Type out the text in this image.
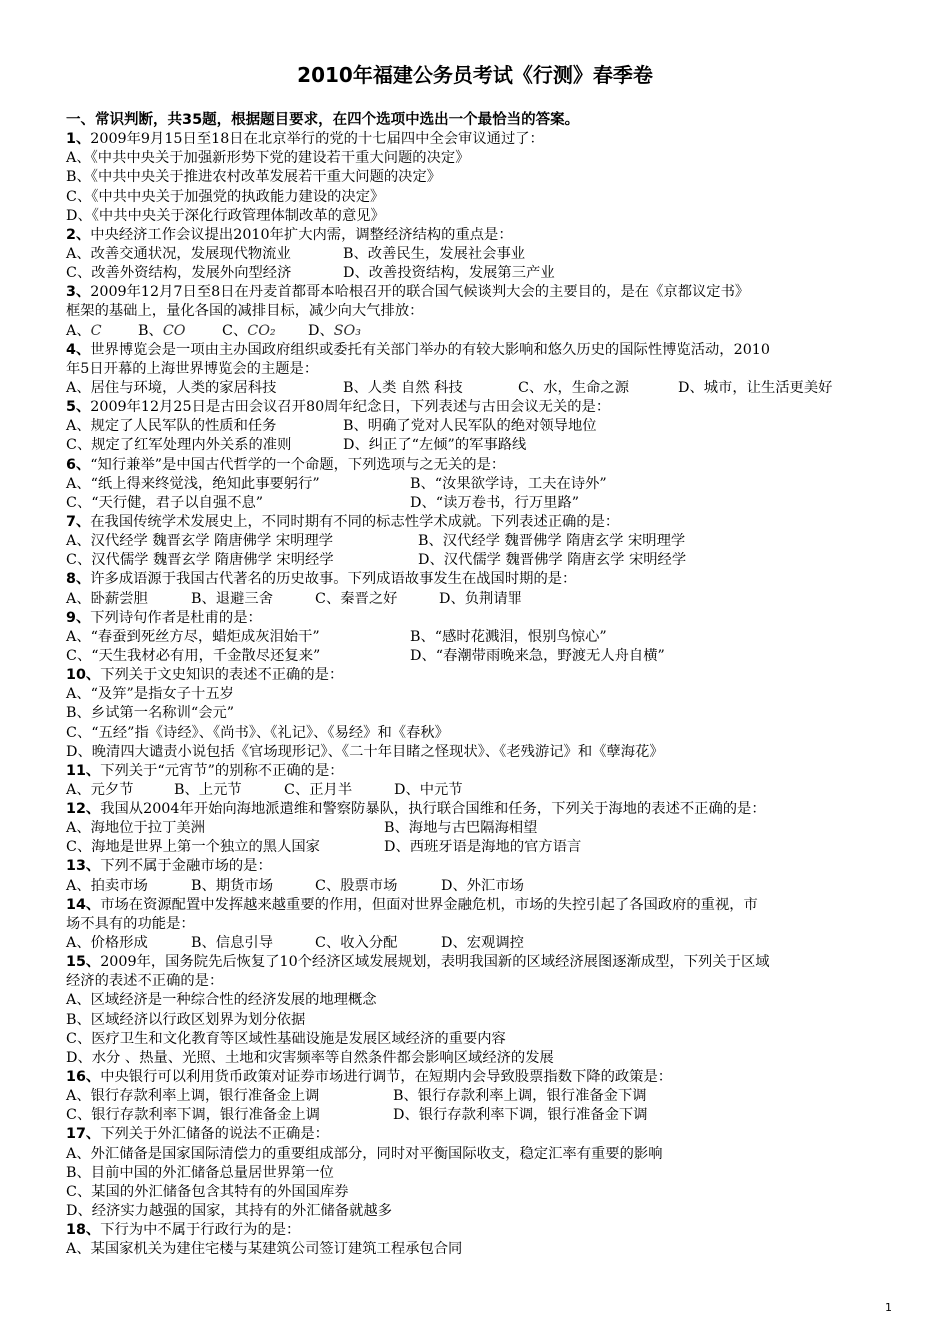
2010年福建公务员考试《行测》春季卷
一、常识判断，共35题，根据题目要求，在四个选项中选出一个最恰当的答案。
1、2009年9月15日至18日在北京举行的党的十七届四中全会审议通过了：
A、《中共中央关于加强新形势下党的建设若干重大问题的决定》
B、《中共中央关于推进农村改革发展若干重大问题的决定》
C、《中共中央关于加强党的执政能力建设的决定》
D、《中共中央关于深化行政管理体制改革的意见》
2、中央经济工作会议提出2010年扩大内需，调整经济结构的重点是：
A、改善交通状况，发展现代物流业	B、改善民生，发展社会事业
C、改善外资结构，发展外向型经济	D、改善投资结构，发展第三产业
3、2009年12月7日至8日在丹麦首都哥本哈根召开的联合国气候谈判大会的主要目的，是在《京都议定书》
框架的基础上，量化各国的减排目标，减少向大气排放：
A、C	B、CO	C、CO₂ D、SO₃
4、世界博览会是一项由主办国政府组织或委托有关部门举办的有较大影响和悠久历史的国际性博览活动，2010
年5日开幕的上海世界博览会的主题是：
A、居住与环境，人类的家居科技	B、人类 自然 科技	C、水，生命之源	D、城市，让生活更美好
5、2009年12月25日是古田会议召开80周年纪念日，下列表述与古田会议无关的是：
A、规定了人民军队的性质和任务	B、明确了党对人民军队的绝对领导地位
C、规定了红军处理内外关系的准则	D、纠正了“左倾”的军事路线
6、“知行兼举”是中国古代哲学的一个命题，下列选项与之无关的是：
A、“纸上得来终觉浅，绝知此事要躬行”	B、“汝果欲学诗，工夫在诗外”
C、“天行健，君子以自强不息”	D、“读万卷书，行万里路”
7、在我国传统学术发展史上，不同时期有不同的标志性学术成就。下列表述正确的是：
A、汉代经学 魏晋玄学 隋唐佛学 宋明理学	B、汉代经学 魏晋佛学 隋唐玄学 宋明理学
C、汉代儒学 魏晋玄学 隋唐佛学 宋明经学	D、汉代儒学 魏晋佛学 隋唐玄学 宋明经学
8、许多成语源于我国古代著名的历史故事。下列成语故事发生在战国时期的是：
A、卧薪尝胆	B、退避三舍	C、秦晋之好	D、负荆请罪
9、下列诗句作者是杜甫的是：
A、“春蚕到死丝方尽，蜡炬成灰泪始干”	B、“感时花溅泪，恨别鸟惊心”
C、“天生我材必有用，千金散尽还复来”	D、“春潮带雨晚来急，野渡无人舟自横”
10、下列关于文史知识的表述不正确的是：
A、“及笄”是指女子十五岁
B、乡试第一名称训“会元”
C、“五经”指《诗经》、《尚书》、《礼记》、《易经》和《春秋》
D、晚清四大谴责小说包括《官场现形记》、《二十年目睹之怪现状》、《老残游记》和《孽海花》
11、下列关于“元宵节”的别称不正确的是：
A、元夕节	B、上元节	C、正月半	D、中元节
12、我国从2004年开始向海地派遣维和警察防暴队，执行联合国维和任务，下列关于海地的表述不正确的是：
A、海地位于拉丁美洲	B、海地与古巴隔海相望
C、海地是世界上第一个独立的黑人国家	D、西班牙语是海地的官方语言
13、下列不属于金融市场的是：
A、拍卖市场	B、期货市场	C、股票市场	D、外汇市场
14、市场在资源配置中发挥越来越重要的作用，但面对世界金融危机，市场的失控引起了各国政府的重视，市
场不具有的功能是：
A、价格形成	B、信息引导	C、收入分配	D、宏观调控
15、2009年，国务院先后恢复了10个经济区域发展规划，表明我国新的区域经济展图逐渐成型，下列关于区域
经济的表述不正确的是：
A、区域经济是一种综合性的经济发展的地理概念
B、区域经济以行政区划界为划分依据
C、医疗卫生和文化教育等区域性基础设施是发展区域经济的重要内容
D、水分 、热量、光照、土地和灾害频率等自然条件都会影响区域经济的发展
16、中央银行可以利用货币政策对证券市场进行调节，在短期内会导致股票指数下降的政策是：
A、银行存款利率上调，银行准备金上调	B、银行存款利率上调，银行准备金下调
C、银行存款利率下调，银行准备金上调	D、银行存款利率下调，银行准备金下调
17、下列关于外汇储备的说法不正确是：
A、外汇储备是国家国际清偿力的重要组成部分，同时对平衡国际收支，稳定汇率有重要的影响
B、目前中国的外汇储备总量居世界第一位
C、某国的外汇储备包含其特有的外国国库券
D、经济实力越强的国家，其持有的外汇储备就越多
18、下行为中不属于行政行为的是：
A、某国家机关为建住宅楼与某建筑公司签订建筑工程承包合同
1
